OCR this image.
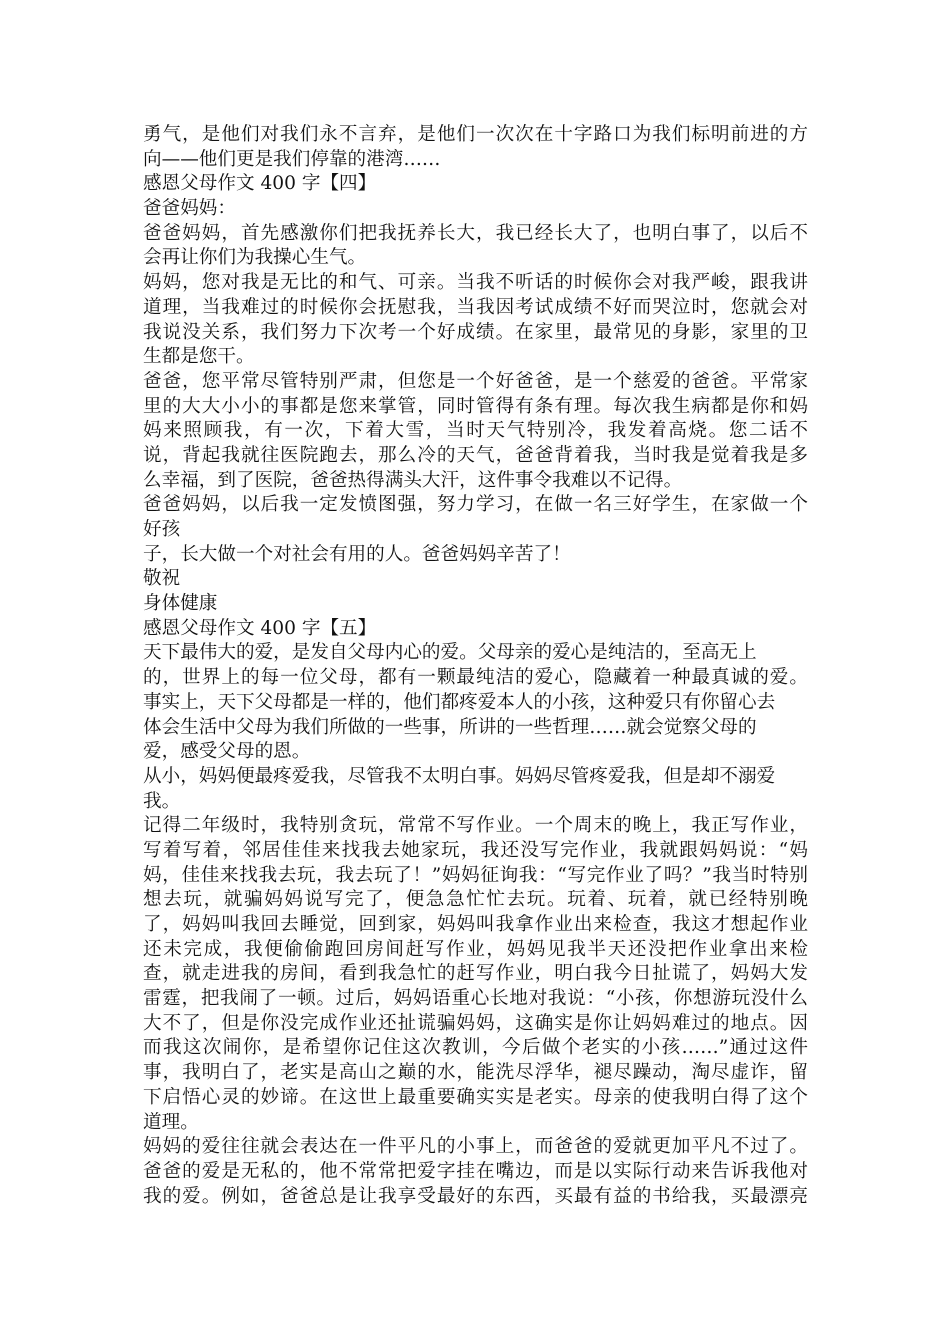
勇气，是他们对我们永不言弃，是他们一次次在十字路口为我们标明前进的方
向——他们更是我们停靠的港湾……
感恩父母作文 400 字【四】
爸爸妈妈：
爸爸妈妈，首先感激你们把我抚养长大，我已经长大了，也明白事了，以后不
会再让你们为我操心生气。
妈妈，您对我是无比的和气、可亲。当我不听话的时候你会对我严峻，跟我讲
道理，当我难过的时候你会抚慰我，当我因考试成绩不好而哭泣时，您就会对
我说没关系，我们努力下次考一个好成绩。在家里，最常见的身影，家里的卫
生都是您干。
爸爸，您平常尽管特别严肃，但您是一个好爸爸，是一个慈爱的爸爸。平常家
里的大大小小的事都是您来掌管，同时管得有条有理。每次我生病都是你和妈
妈来照顾我，有一次，下着大雪，当时天气特别冷，我发着高烧。您二话不
说，背起我就往医院跑去，那么冷的天气，爸爸背着我，当时我是觉着我是多
么幸福，到了医院，爸爸热得满头大汗，这件事令我难以不记得。
爸爸妈妈，以后我一定发愤图强，努力学习，在做一名三好学生，在家做一个
好孩
子，长大做一个对社会有用的人。爸爸妈妈辛苦了！
敬祝
身体健康
感恩父母作文 400 字【五】
天下最伟大的爱，是发自父母内心的爱。父母亲的爱心是纯洁的，至高无上
的，世界上的每一位父母，都有一颗最纯洁的爱心，隐藏着一种最真诚的爱。
事实上，天下父母都是一样的，他们都疼爱本人的小孩，这种爱只有你留心去
体会生活中父母为我们所做的一些事，所讲的一些哲理……就会觉察父母的
爱，感受父母的恩。
从小，妈妈便最疼爱我，尽管我不太明白事。妈妈尽管疼爱我，但是却不溺爱
我。
记得二年级时，我特别贪玩，常常不写作业。一个周末的晚上，我正写作业，
写着写着，邻居佳佳来找我去她家玩，我还没写完作业，我就跟妈妈说：“妈
妈，佳佳来找我去玩，我去玩了！”妈妈征询我：“写完作业了吗？”我当时特别
想去玩，就骗妈妈说写完了，便急急忙忙去玩。玩着、玩着，就已经特别晚
了，妈妈叫我回去睡觉，回到家，妈妈叫我拿作业出来检查，我这才想起作业
还未完成，我便偷偷跑回房间赶写作业，妈妈见我半天还没把作业拿出来检
查，就走进我的房间，看到我急忙的赶写作业，明白我今日扯谎了，妈妈大发
雷霆，把我闹了一顿。过后，妈妈语重心长地对我说：“小孩，你想游玩没什么
大不了，但是你没完成作业还扯谎骗妈妈，这确实是你让妈妈难过的地点。因
而我这次闹你，是希望你记住这次教训，今后做个老实的小孩……”通过这件
事，我明白了，老实是高山之巅的水，能洗尽浮华，褪尽躁动，淘尽虚诈，留
下启悟心灵的妙谛。在这世上最重要确实实是老实。母亲的使我明白得了这个
道理。
妈妈的爱往往就会表达在一件平凡的小事上，而爸爸的爱就更加平凡不过了。
爸爸的爱是无私的，他不常常把爱字挂在嘴边，而是以实际行动来告诉我他对
我的爱。例如，爸爸总是让我享受最好的东西，买最有益的书给我，买最漂亮
